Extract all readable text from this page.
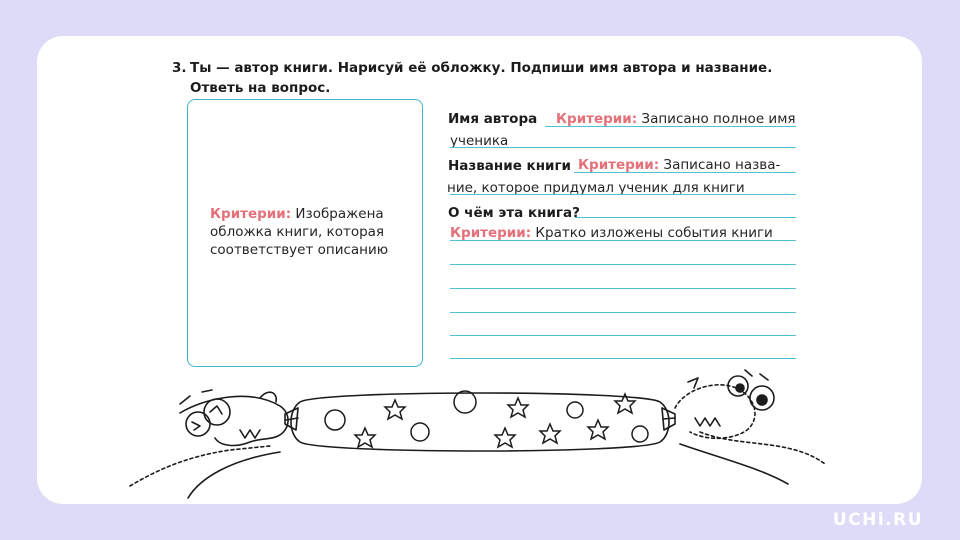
3. Ты — автор книги. Нарисуй её обложку. Подпиши имя автора и название. Ответь на вопрос.
Критерии: Изображена обложка книги, которая соответствует описанию
Имя автора Критерии: Записано полное имя
ученика
Название книги Критерии: Записано назва-
ние, которое придумал ученик для книги
О чём эта книга?
Критерии: Кратко изложены события книги
UCHi.RU
